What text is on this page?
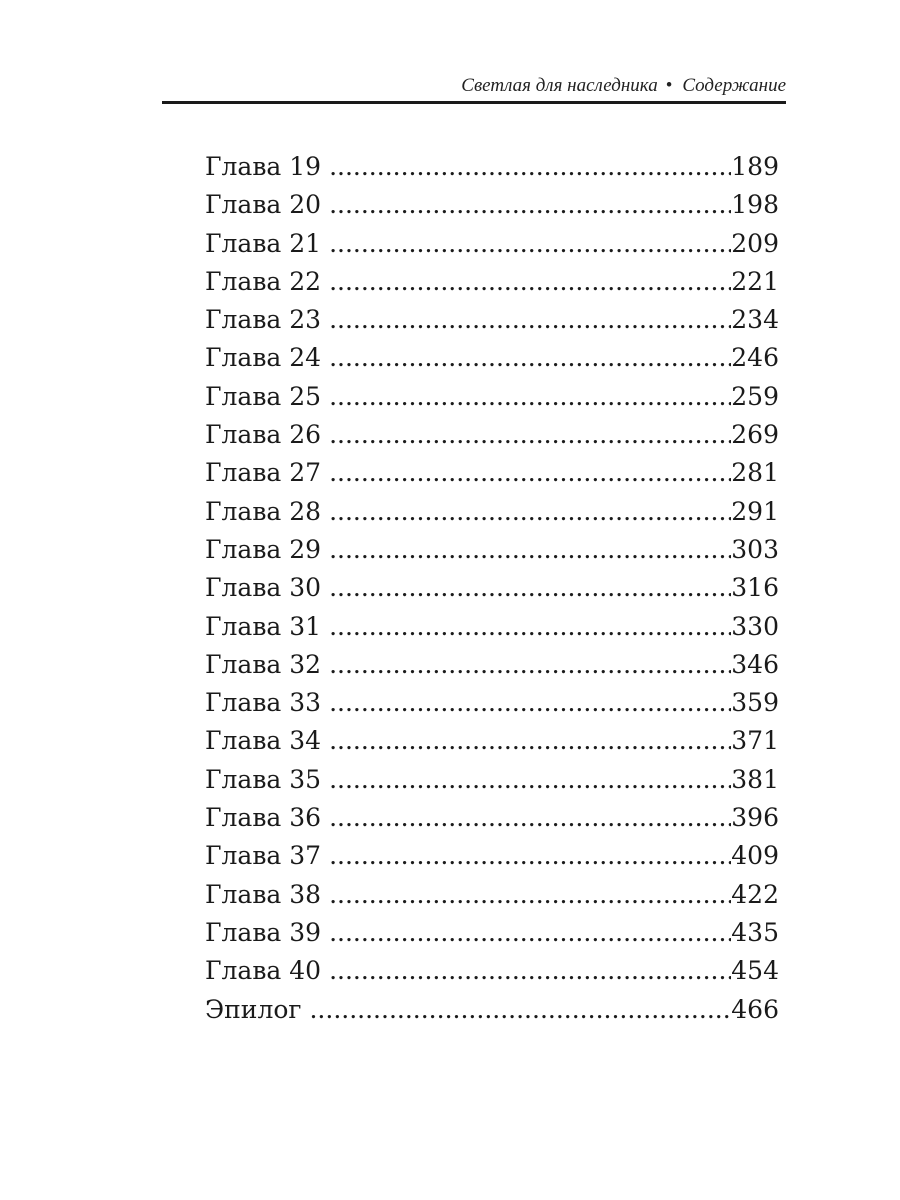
Светлая для наследника • Содержание
Глава 19 .....	189
Глава 20 .....	198
Глава 21 .....	209
Глава 22 .....	221
Глава 23 .....	234
Глава 24 .....	246
Глава 25 .....	259
Глава 26 .....	269
Глава 27 .....	281
Глава 28 .....	291
Глава 29 .....	303
Глава 30 .....	316
Глава 31 .....	330
Глава 32 .....	346
Глава 33 .....	359
Глава 34 .....	371
Глава 35 .....	381
Глава 36 .....	396
Глава 37 .....	409
Глава 38 .....	422
Глава 39 .....	435
Глава 40 .....	454
Эпилог .....	466
